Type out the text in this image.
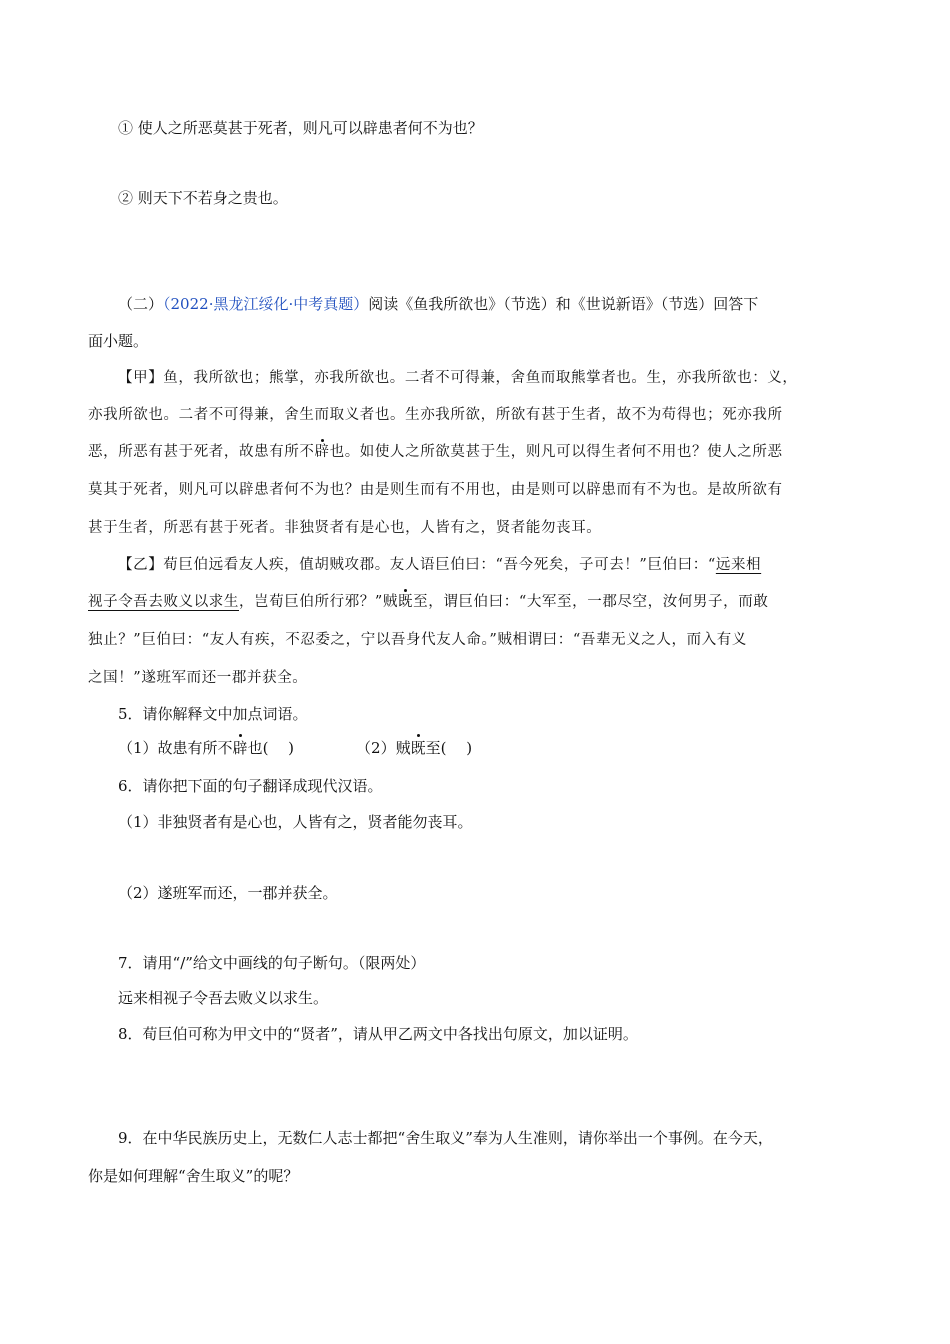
① 使人之所恶莫甚于死者，则凡可以辟患者何不为也？
② 则天下不若身之贵也。
（二）（2022·黑龙江绥化·中考真题）阅读《鱼我所欲也》（节选）和《世说新语》（节选）回答下
面小题。
【甲】鱼，我所欲也；熊掌，亦我所欲也。二者不可得兼，舍鱼而取熊掌者也。生，亦我所欲也：义，
亦我所欲也。二者不可得兼，舍生而取义者也。生亦我所欲，所欲有甚于生者，故不为苟得也；死亦我所
恶，所恶有甚于死者，故患有所不辟也。如使人之所欲莫甚于生，则凡可以得生者何不用也？使人之所恶
莫其于死者，则凡可以辟患者何不为也？由是则生而有不用也，由是则可以辟患而有不为也。是故所欲有
甚于生者，所恶有甚于死者。非独贤者有是心也，人皆有之，贤者能勿丧耳。
【乙】荀巨伯远看友人疾，值胡贼攻郡。友人语巨伯曰：“吾今死矣，子可去！”巨伯曰：“远来相
视子令吾去败义以求生，岂荀巨伯所行邪？”贼既至，谓巨伯曰：“大军至，一郡尽空，汝何男子，而敢
独止？”巨伯曰：“友人有疾，不忍委之，宁以吾身代友人命。”贼相谓曰：“吾辈无义之人，而入有义
之国！”遂班军而还一郡并获全。
5．请你解释文中加点词语。
（1）故患有所不辟也(　 )	（2）贼既至(　 )
6．请你把下面的句子翻译成现代汉语。
（1）非独贤者有是心也，人皆有之，贤者能勿丧耳。
（2）遂班军而还，一郡并获全。
7．请用“/”给文中画线的句子断句。（限两处）
远来相视子令吾去败义以求生。
8．荀巨伯可称为甲文中的“贤者”，请从甲乙两文中各找出句原文，加以证明。
9．在中华民族历史上，无数仁人志士都把“舍生取义”奉为人生准则，请你举出一个事例。在今天，
你是如何理解“舍生取义”的呢？
